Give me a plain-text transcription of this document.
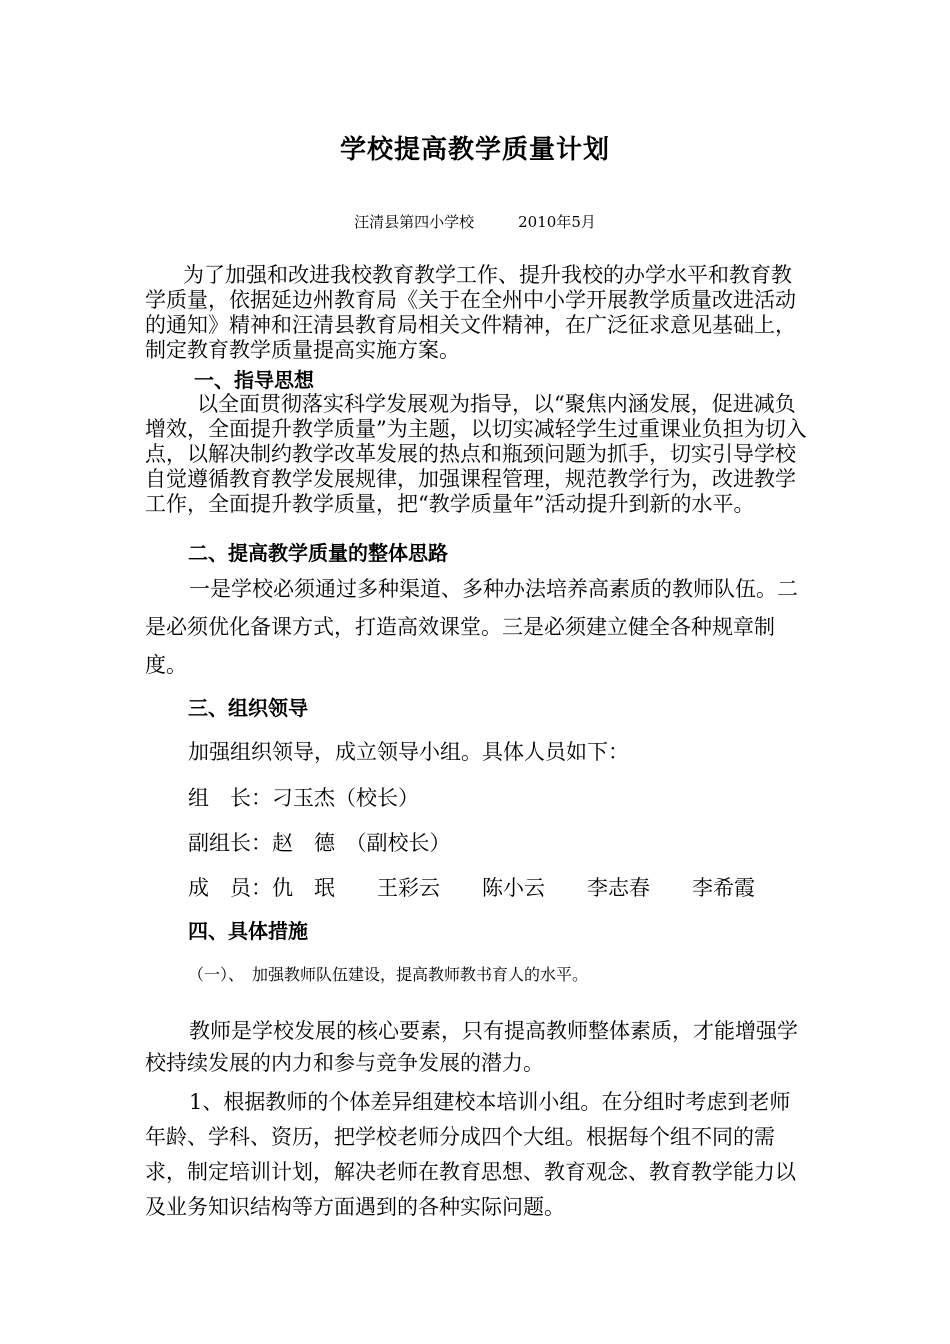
学校提高教学质量计划
汪清县第四小学校	2010年5月
为了加强和改进我校教育教学工作、提升我校的办学水平和教育教学质量，依据延边州教育局《关于在全州中小学开展教学质量改进活动的通知》精神和汪清县教育局相关文件精神，在广泛征求意见基础上，制定教育教学质量提高实施方案。
一、指导思想
以全面贯彻落实科学发展观为指导，以“聚焦内涵发展，促进减负增效，全面提升教学质量”为主题，以切实减轻学生过重课业负担为切入点，以解决制约教学改革发展的热点和瓶颈问题为抓手，切实引导学校自觉遵循教育教学发展规律，加强课程管理，规范教学行为，改进教学工作，全面提升教学质量，把“教学质量年”活动提升到新的水平。
二、提高教学质量的整体思路
一是学校必须通过多种渠道、多种办法培养高素质的教师队伍。二是必须优化备课方式，打造高效课堂。三是必须建立健全各种规章制度。
三、组织领导
加强组织领导，成立领导小组。具体人员如下：
组　长：刁玉杰（校长）
副组长：赵　德　（副校长）
成　员：仇　珉　　王彩云　　陈小云　　李志春　　李希霞
四、具体措施
（一）、　加强教师队伍建设，提高教师教书育人的水平。
教师是学校发展的核心要素，只有提高教师整体素质，才能增强学校持续发展的内力和参与竞争发展的潜力。
1、根据教师的个体差异组建校本培训小组。在分组时考虑到老师年龄、学科、资历，把学校老师分成四个大组。根据每个组不同的需求，制定培训计划，解决老师在教育思想、教育观念、教育教学能力以及业务知识结构等方面遇到的各种实际问题。
